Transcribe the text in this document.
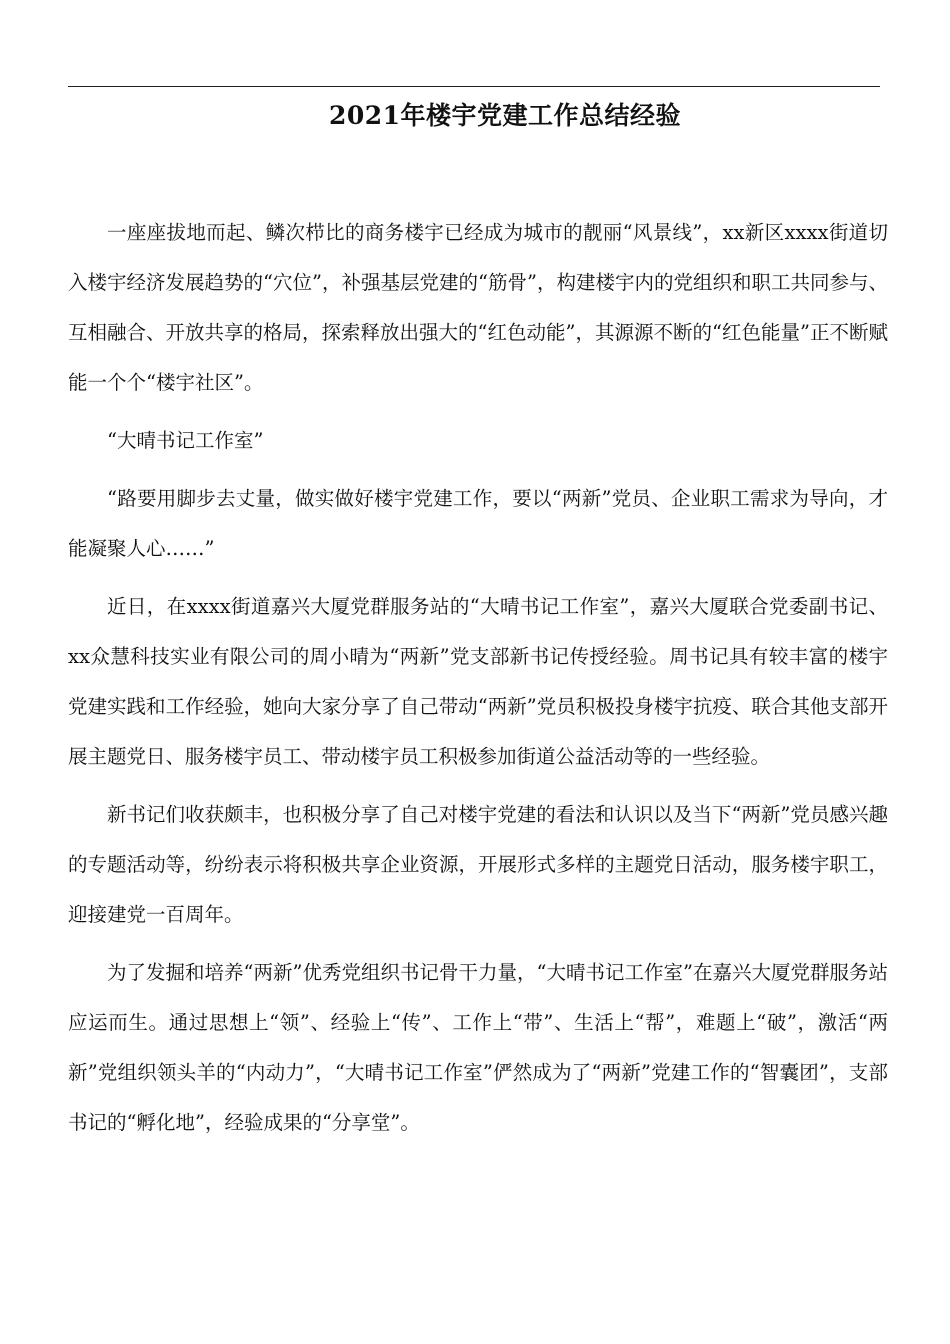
2021年楼宇党建工作总结经验

一座座拔地而起、鳞次栉比的商务楼宇已经成为城市的靓丽“风景线”，xx新区xxxx街道切入楼宇经济发展趋势的“穴位”，补强基层党建的“筋骨”，构建楼宇内的党组织和职工共同参与、互相融合、开放共享的格局，探索释放出强大的“红色动能”，其源源不断的“红色能量”正不断赋能一个个“楼宇社区”。

“大晴书记工作室”

“路要用脚步去丈量，做实做好楼宇党建工作，要以“两新”党员、企业职工需求为导向，才能凝聚人心……”

近日，在xxxx街道嘉兴大厦党群服务站的“大晴书记工作室”，嘉兴大厦联合党委副书记、xx众慧科技实业有限公司的周小晴为“两新”党支部新书记传授经验。周书记具有较丰富的楼宇党建实践和工作经验，她向大家分享了自己带动“两新”党员积极投身楼宇抗疫、联合其他支部开展主题党日、服务楼宇员工、带动楼宇员工积极参加街道公益活动等的一些经验。

新书记们收获颇丰，也积极分享了自己对楼宇党建的看法和认识以及当下“两新”党员感兴趣的专题活动等，纷纷表示将积极共享企业资源，开展形式多样的主题党日活动，服务楼宇职工，迎接建党一百周年。

为了发掘和培养“两新”优秀党组织书记骨干力量，“大晴书记工作室”在嘉兴大厦党群服务站应运而生。通过思想上“领”、经验上“传”、工作上“带”、生活上“帮”，难题上“破”，激活“两新”党组织领头羊的“内动力”，“大晴书记工作室”俨然成为了“两新”党建工作的“智囊团”，支部书记的“孵化地”，经验成果的“分享堂”。
